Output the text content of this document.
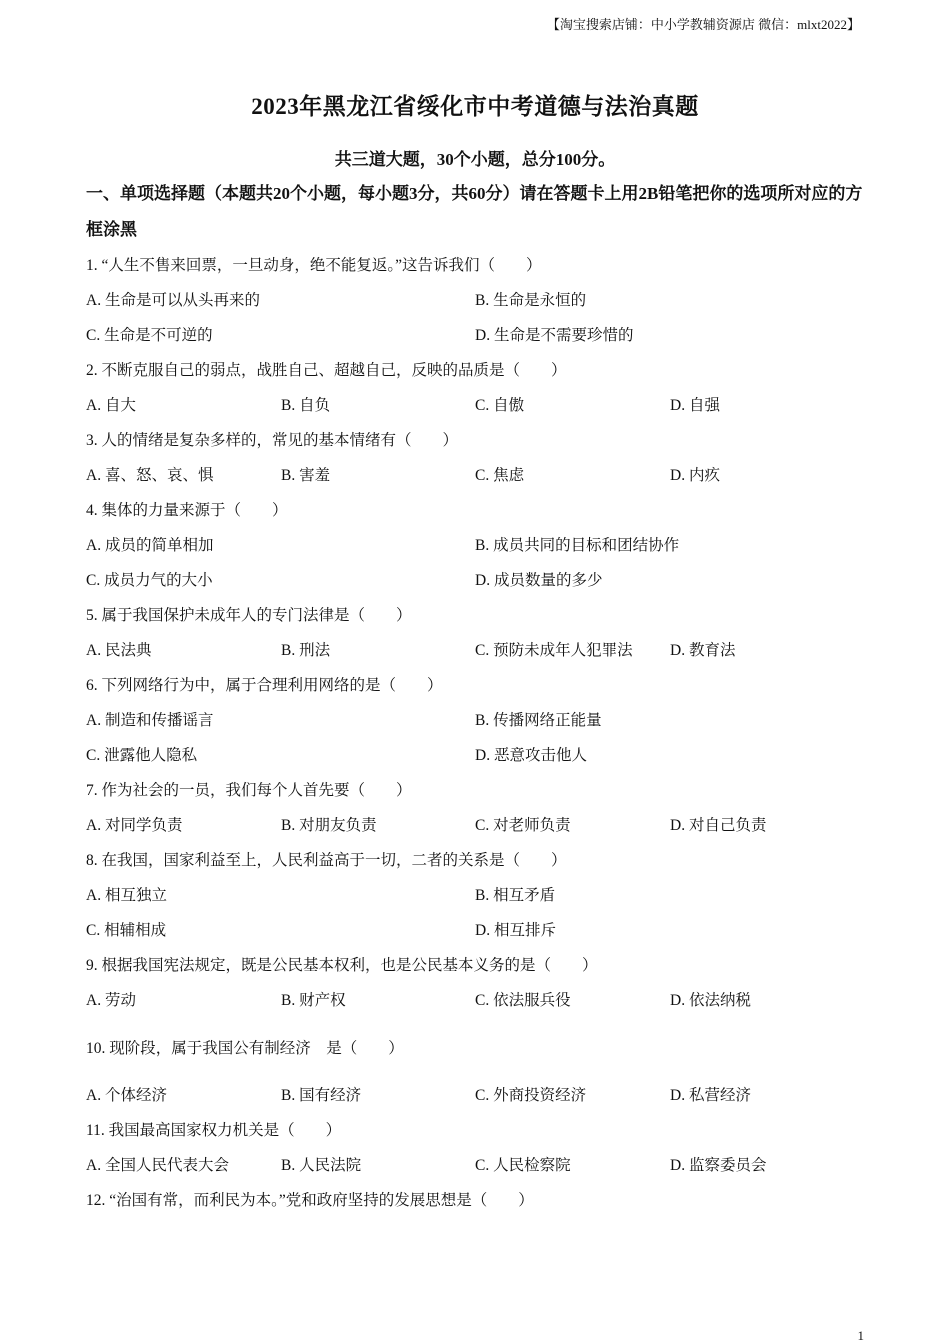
【淘宝搜索店铺：中小学教辅资源店 微信：mlxt2022】
2023年黑龙江省绥化市中考道德与法治真题
共三道大题，30个小题，总分100分。
一、单项选择题（本题共20个小题，每小题3分，共60分）请在答题卡上用2B铅笔把你的选项所对应的方框涂黑
1. “人生不售来回票，一旦动身，绝不能复返。”这告诉我们（　　）
A. 生命是可以从头再来的	B. 生命是永恒的
C. 生命是不可逆的	D. 生命是不需要珍惜的
2. 不断克服自己的弱点，战胜自己、超越自己，反映的品质是（　　）
A. 自大	B. 自负	C. 自傲	D. 自强
3. 人的情绪是复杂多样的，常见的基本情绪有（　　）
A. 喜、怒、哀、惧	B. 害羞	C. 焦虑	D. 内疚
4. 集体的力量来源于（　　）
A. 成员的简单相加	B. 成员共同的目标和团结协作
C. 成员力气的大小	D. 成员数量的多少
5. 属于我国保护未成年人的专门法律是（　　）
A. 民法典	B. 刑法	C. 预防未成年人犯罪法 D. 教育法
6. 下列网络行为中，属于合理利用网络的是（　　）
A. 制造和传播谣言	B. 传播网络正能量
C. 泄露他人隐私	D. 恶意攻击他人
7. 作为社会的一员，我们每个人首先要（　　）
A. 对同学负责	B. 对朋友负责	C. 对老师负责	D. 对自己负责
8. 在我国，国家利益至上，人民利益高于一切，二者的关系是（　　）
A. 相互独立	B. 相互矛盾
C. 相辅相成	D. 相互排斥
9. 根据我国宪法规定，既是公民基本权利，也是公民基本义务的是（　　）
A. 劳动	B. 财产权	C. 依法服兵役	D. 依法纳税
10. 现阶段，属于我国公有制经济　是（　　）
A. 个体经济	B. 国有经济	C. 外商投资经济	D. 私营经济
11. 我国最高国家权力机关是（　　）
A. 全国人民代表大会	B. 人民法院	C. 人民检察院	D. 监察委员会
12. “治国有常，而利民为本。”党和政府坚持的发展思想是（　　）
1
